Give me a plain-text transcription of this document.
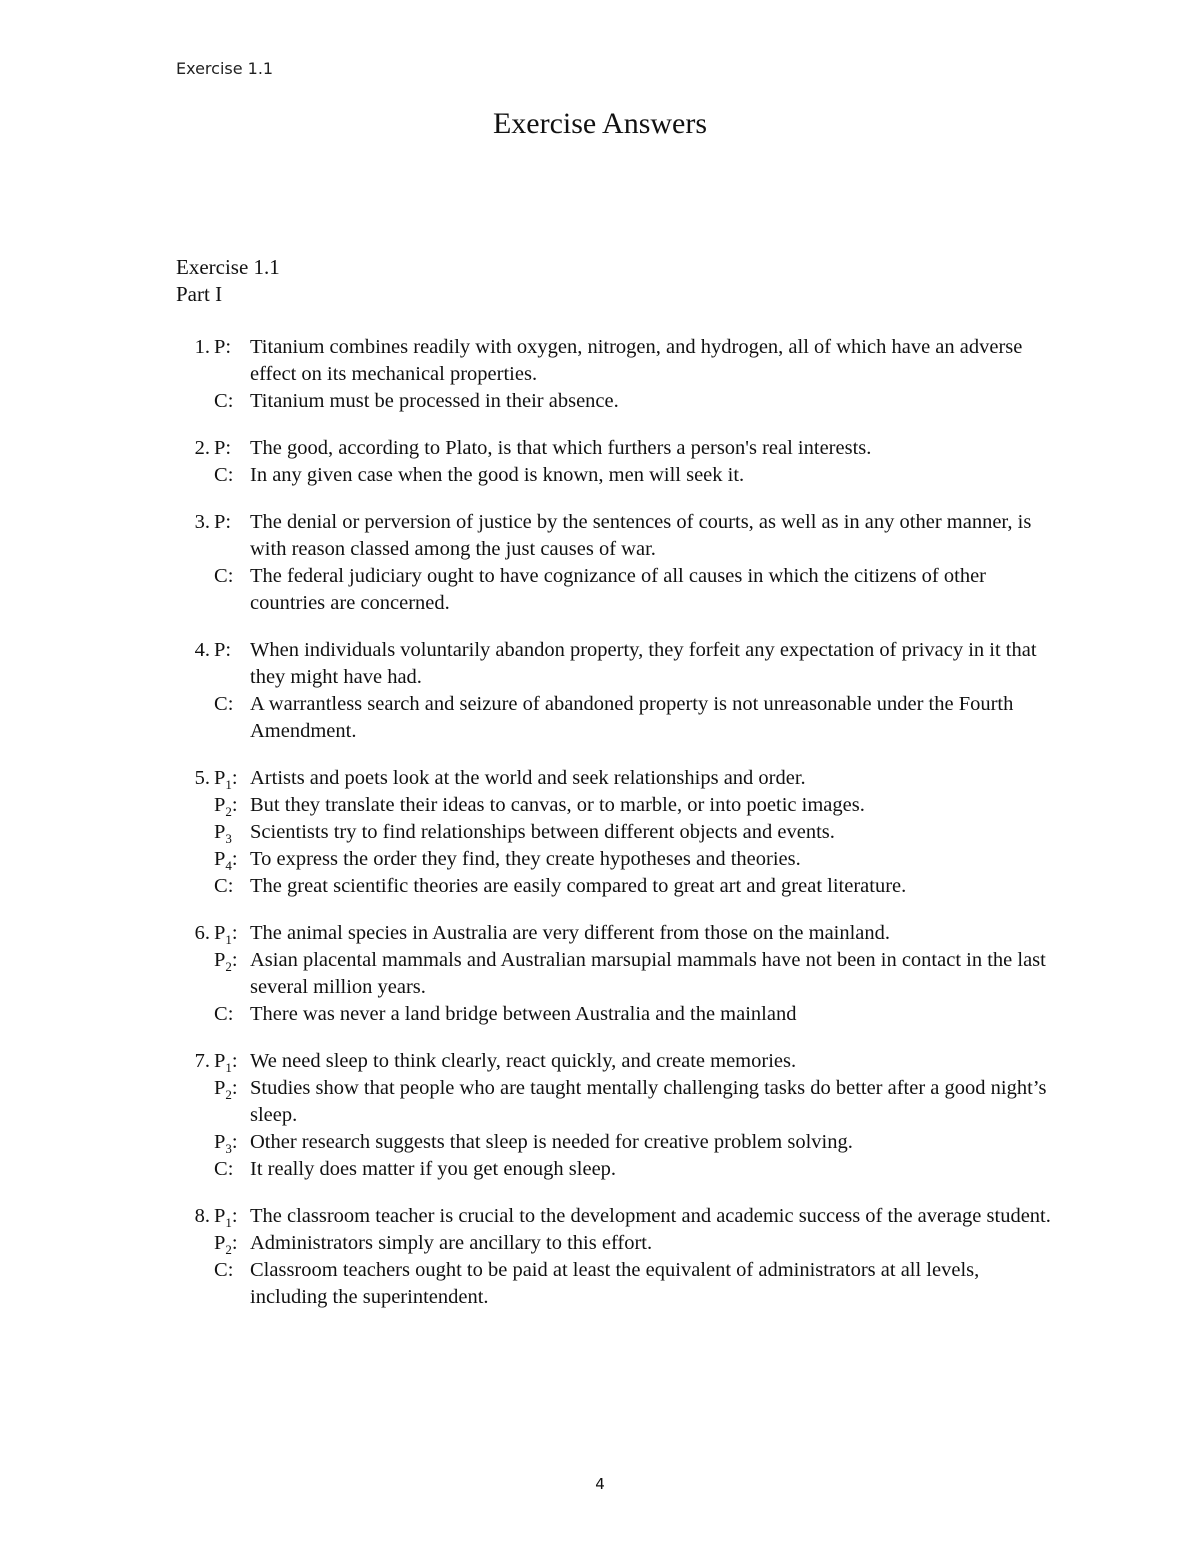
Exercise 1.1
Exercise Answers
Exercise 1.1
Part I
1. P: Titanium combines readily with oxygen, nitrogen, and hydrogen, all of which have an adverse effect on its mechanical properties.
C: Titanium must be processed in their absence.
2. P: The good, according to Plato, is that which furthers a person's real interests.
C: In any given case when the good is known, men will seek it.
3. P: The denial or perversion of justice by the sentences of courts, as well as in any other manner, is with reason classed among the just causes of war.
C: The federal judiciary ought to have cognizance of all causes in which the citizens of other countries are concerned.
4. P: When individuals voluntarily abandon property, they forfeit any expectation of privacy in it that they might have had.
C: A warrantless search and seizure of abandoned property is not unreasonable under the Fourth Amendment.
5. $P_1$: Artists and poets look at the world and seek relationships and order.
$P_2$: But they translate their ideas to canvas, or to marble, or into poetic images.
$P_3$ Scientists try to find relationships between different objects and events.
$P_4$: To express the order they find, they create hypotheses and theories.
C: The great scientific theories are easily compared to great art and great literature.
6. $P_1$: The animal species in Australia are very different from those on the mainland.
$P_2$: Asian placental mammals and Australian marsupial mammals have not been in contact in the last several million years.
C: There was never a land bridge between Australia and the mainland
7. $P_1$: We need sleep to think clearly, react quickly, and create memories.
$P_2$: Studies show that people who are taught mentally challenging tasks do better after a good night’s sleep.
$P_3$: Other research suggests that sleep is needed for creative problem solving.
C: It really does matter if you get enough sleep.
8. $P_1$: The classroom teacher is crucial to the development and academic success of the average student.
$P_2$: Administrators simply are ancillary to this effort.
C: Classroom teachers ought to be paid at least the equivalent of administrators at all levels, including the superintendent.
4
